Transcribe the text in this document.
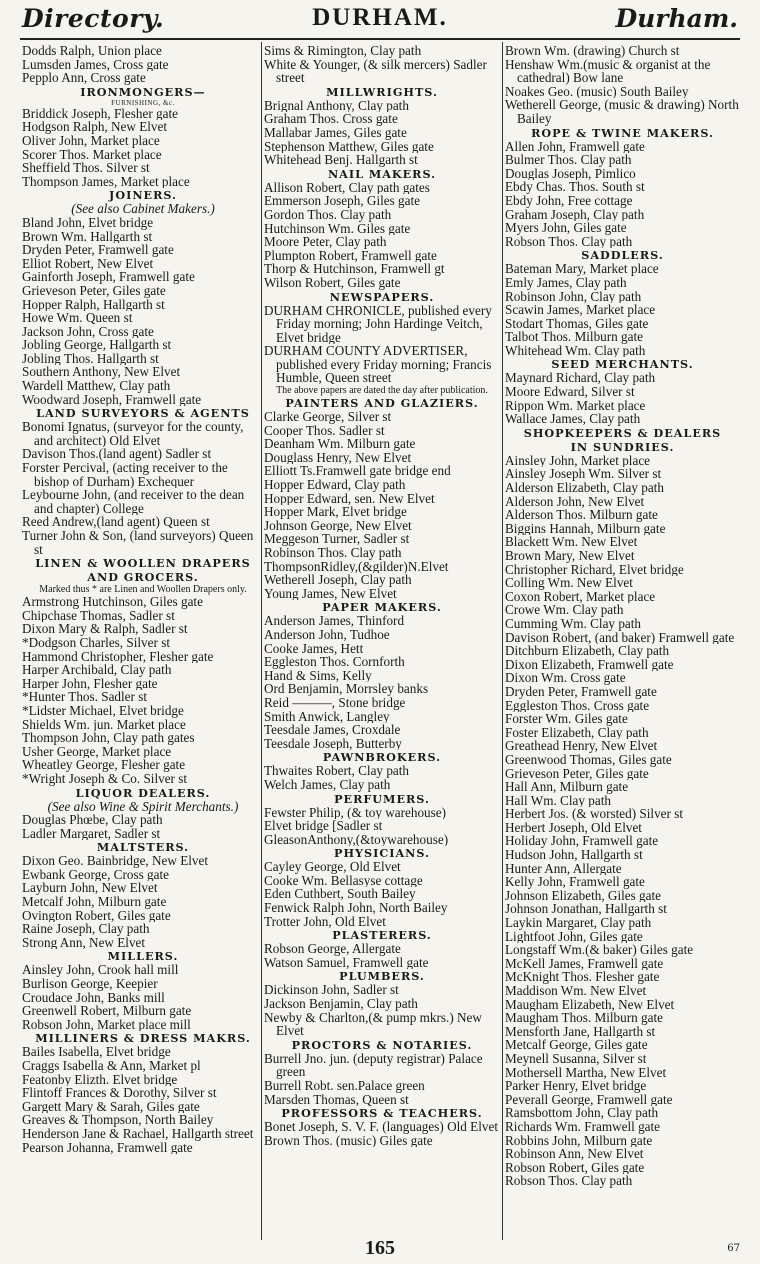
Directory.	DURHAM.	Durham.
Dodds Ralph, Union place
Lumsden James, Cross gate
Pepplo Ann, Cross gate
IRONMONGERS—
FURNISHING, &c.
Briddick Joseph, Flesher gate
Hodgson Ralph, New Elvet
Oliver John, Market place
Scorer Thos. Market place
Sheffield Thos. Silver st
Thompson James, Market place
JOINERS.
(See also Cabinet Makers.)
Bland John, Elvet bridge
Brown Wm. Hallgarth st
Dryden Peter, Framwell gate
Elliot Robert, New Elvet
Gainforth Joseph, Framwell gate
Grieveson Peter, Giles gate
Hopper Ralph, Hallgarth st
Howe Wm. Queen st
Jackson John, Cross gate
Jobling George, Hallgarth st
Jobling Thos. Hallgarth st
Southern Anthony, New Elvet
Wardell Matthew, Clay path
Woodward Joseph, Framwell gate
LAND SURVEYORS & AGENTS
Bonomi Ignatus, (surveyor for the county, and architect) Old Elvet
Davison Thos.(land agent) Sadler st
Forster Percival, (acting receiver to the bishop of Durham) Exchequer
Leybourne John, (and receiver to the dean and chapter) College
Reed Andrew,(land agent) Queen st
Turner John & Son, (land surveyors) Queen st
LINEN & WOOLLEN DRAPERS
AND GROCERS.
Marked thus * are Linen and Woollen Drapers only.
Armstrong Hutchinson, Giles gate
Chipchase Thomas, Sadler st
Dixon Mary & Ralph, Sadler st
*Dodgson Charles, Silver st
Hammond Christopher, Flesher gate
Harper Archibald, Clay path
Harper John, Flesher gate
*Hunter Thos. Sadler st
*Lidster Michael, Elvet bridge
Shields Wm. jun. Market place
Thompson John, Clay path gates
Usher George, Market place
Wheatley George, Flesher gate
*Wright Joseph & Co. Silver st
LIQUOR DEALERS.
(See also Wine & Spirit Merchants.)
Douglas Phœbe, Clay path
Ladler Margaret, Sadler st
MALTSTERS.
Dixon Geo. Bainbridge, New Elvet
Ewbank George, Cross gate
Layburn John, New Elvet
Metcalf John, Milburn gate
Ovington Robert, Giles gate
Raine Joseph, Clay path
Strong Ann, New Elvet
MILLERS.
Ainsley John, Crook hall mill
Burlison George, Keepier
Croudace John, Banks mill
Greenwell Robert, Milburn gate
Robson John, Market place mill
MILLINERS & DRESS MAKRS.
Bailes Isabella, Elvet bridge
Craggs Isabella & Ann, Market pl
Featonby Elizth. Elvet bridge
Flintoff Frances & Dorothy, Silver st
Gargett Mary & Sarah, Giles gate
Greaves & Thompson, North Bailey
Henderson Jane & Rachael, Hallgarth street
Pearson Johanna, Framwell gate
Sims & Rimington, Clay path
White & Younger, (& silk mercers) Sadler street
MILLWRIGHTS.
Brignal Anthony, Clay path
Graham Thos. Cross gate
Mallabar James, Giles gate
Stephenson Matthew, Giles gate
Whitehead Benj. Hallgarth st
NAIL MAKERS.
Allison Robert, Clay path gates
Emmerson Joseph, Giles gate
Gordon Thos. Clay path
Hutchinson Wm. Giles gate
Moore Peter, Clay path
Plumpton Robert, Framwell gate
Thorp & Hutchinson, Framwell gt
Wilson Robert, Giles gate
NEWSPAPERS.
DURHAM CHRONICLE, published every Friday morning; John Hardinge Veitch, Elvet bridge
DURHAM COUNTY ADVERTISER, published every Friday morning; Francis Humble, Queen street
The above papers are dated the day after publication.
PAINTERS AND GLAZIERS.
Clarke George, Silver st
Cooper Thos. Sadler st
Deanham Wm. Milburn gate
Douglass Henry, New Elvet
Elliott Ts.Framwell gate bridge end
Hopper Edward, Clay path
Hopper Edward, sen. New Elvet
Hopper Mark, Elvet bridge
Johnson George, New Elvet
Meggeson Turner, Sadler st
Robinson Thos. Clay path
ThompsonRidley,(&gilder)N.Elvet
Wetherell Joseph, Clay path
Young James, New Elvet
PAPER MAKERS.
Anderson James, Thinford
Anderson John, Tudhoe
Cooke James, Hett
Eggleston Thos. Cornforth
Hand & Sims, Kelly
Ord Benjamin, Morrsley banks
Reid ———, Stone bridge
Smith Anwick, Langley
Teesdale James, Croxdale
Teesdale Joseph, Butterby
PAWNBROKERS.
Thwaites Robert, Clay path
Welch James, Clay path
PERFUMERS.
Fewster Philip, (& toy warehouse)
Elvet bridge [Sadler st
GleasonAnthony,(&toywarehouse)
PHYSICIANS.
Cayley George, Old Elvet
Cooke Wm. Bellasyse cottage
Eden Cuthbert, South Bailey
Fenwick Ralph John, North Bailey
Trotter John, Old Elvet
PLASTERERS.
Robson George, Allergate
Watson Samuel, Framwell gate
PLUMBERS.
Dickinson John, Sadler st
Jackson Benjamin, Clay path
Newby & Charlton,(& pump mkrs.) New Elvet
PROCTORS & NOTARIES.
Burrell Jno. jun. (deputy registrar) Palace green
Burrell Robt. sen.Palace green
Marsden Thomas, Queen st
PROFESSORS & TEACHERS.
Bonet Joseph, S. V. F. (languages) Old Elvet
Brown Thos. (music) Giles gate
Brown Wm. (drawing) Church st
Henshaw Wm.(music & organist at the cathedral) Bow lane
Noakes Geo. (music) South Bailey
Wetherell George, (music & drawing) North Bailey
ROPE & TWINE MAKERS.
Allen John, Framwell gate
Bulmer Thos. Clay path
Douglas Joseph, Pimlico
Ebdy Chas. Thos. South st
Ebdy John, Free cottage
Graham Joseph, Clay path
Myers John, Giles gate
Robson Thos. Clay path
SADDLERS.
Bateman Mary, Market place
Emly James, Clay path
Robinson John, Clay path
Scawin James, Market place
Stodart Thomas, Giles gate
Talbot Thos. Milburn gate
Whitehead Wm. Clay path
SEED MERCHANTS.
Maynard Richard, Clay path
Moore Edward, Silver st
Rippon Wm. Market place
Wallace James, Clay path
SHOPKEEPERS & DEALERS
IN SUNDRIES.
Ainsley John, Market place
Ainsley Joseph Wm. Silver st
Alderson Elizabeth, Clay path
Alderson John, New Elvet
Alderson Thos. Milburn gate
Biggins Hannah, Milburn gate
Blackett Wm. New Elvet
Brown Mary, New Elvet
Christopher Richard, Elvet bridge
Colling Wm. New Elvet
Coxon Robert, Market place
Crowe Wm. Clay path
Cumming Wm. Clay path
Davison Robert, (and baker) Framwell gate
Ditchburn Elizabeth, Clay path
Dixon Elizabeth, Framwell gate
Dixon Wm. Cross gate
Dryden Peter, Framwell gate
Eggleston Thos. Cross gate
Forster Wm. Giles gate
Foster Elizabeth, Clay path
Greathead Henry, New Elvet
Greenwood Thomas, Giles gate
Grieveson Peter, Giles gate
Hall Ann, Milburn gate
Hall Wm. Clay path
Herbert Jos. (& worsted) Silver st
Herbert Joseph, Old Elvet
Holiday John, Framwell gate
Hudson John, Hallgarth st
Hunter Ann, Allergate
Kelly John, Framwell gate
Johnson Elizabeth, Giles gate
Johnson Jonathan, Hallgarth st
Laykin Margaret, Clay path
Lightfoot John, Giles gate
Longstaff Wm.(& baker) Giles gate
McKell James, Framwell gate
McKnight Thos. Flesher gate
Maddison Wm. New Elvet
Maugham Elizabeth, New Elvet
Maugham Thos. Milburn gate
Mensforth Jane, Hallgarth st
Metcalf George, Giles gate
Meynell Susanna, Silver st
Mothersell Martha, New Elvet
Parker Henry, Elvet bridge
Peverall George, Framwell gate
Ramsbottom John, Clay path
Richards Wm. Framwell gate
Robbins John, Milburn gate
Robinson Ann, New Elvet
Robson Robert, Giles gate
Robson Thos. Clay path
165	67
